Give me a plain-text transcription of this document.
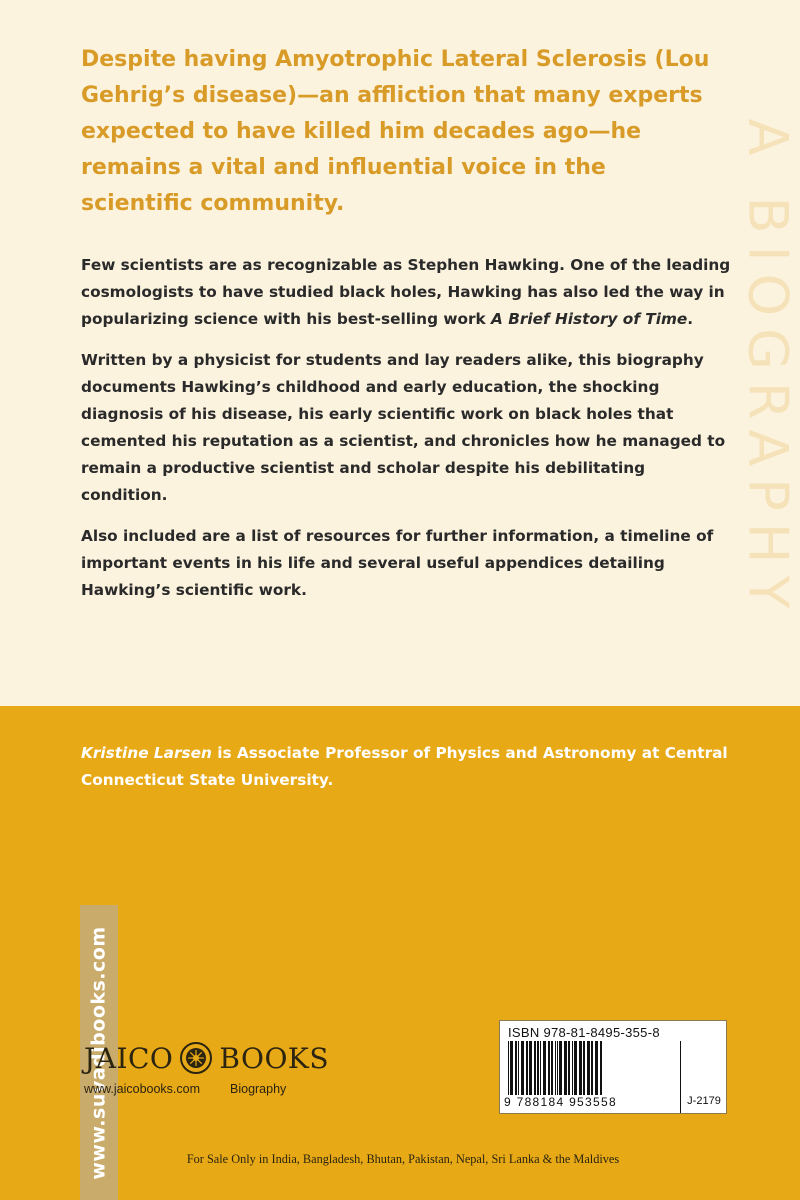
A BIOGRAPHY
Despite having Amyotrophic Lateral Sclerosis (Lou Gehrig’s disease)—an affliction that many experts expected to have killed him decades ago—he remains a vital and influential voice in the scientific community.

Few scientists are as recognizable as Stephen Hawking. One of the leading cosmologists to have studied black holes, Hawking has also led the way in popularizing science with his best-selling work A Brief History of Time.

Written by a physicist for students and lay readers alike, this biography documents Hawking’s childhood and early education, the shocking diagnosis of his disease, his early scientific work on black holes that cemented his reputation as a scientist, and chronicles how he managed to remain a productive scientist and scholar despite his debilitating condition.

Also included are a list of resources for further information, a timeline of important events in his life and several useful appendices detailing Hawking’s scientific work.

Kristine Larsen is Associate Professor of Physics and Astronomy at Central Connecticut State University.
www.suvadibooks.com
JAICO BOOKS
www.jaicobooks.com	Biography
ISBN 978-81-8495-355-8
9 788184 953558	J-2179
For Sale Only in India, Bangladesh, Bhutan, Pakistan, Nepal, Sri Lanka & the Maldives
